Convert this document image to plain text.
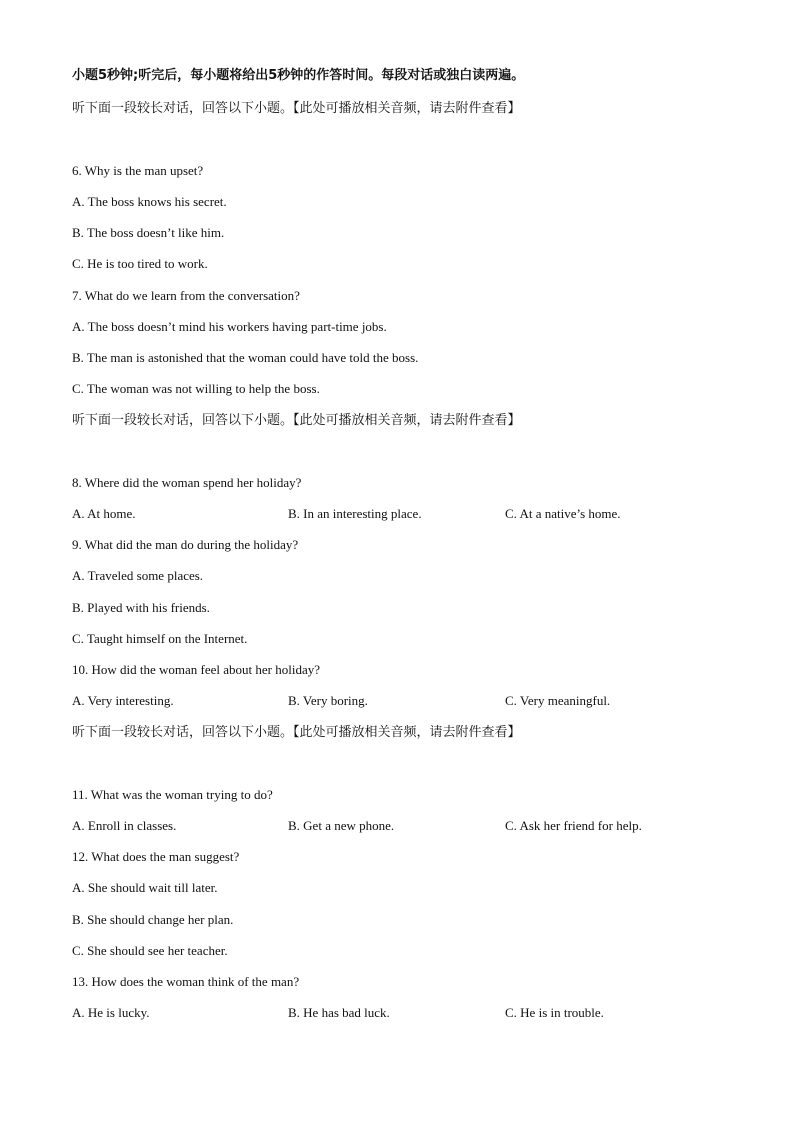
小题5秒钟;听完后，每小题将给出5秒钟的作答时间。每段对话或独白读两遍。
听下面一段较长对话，回答以下小题。【此处可播放相关音频，请去附件查看】
6. Why is the man upset?
A. The boss knows his secret.
B. The boss doesn’t like him.
C. He is too tired to work.
7. What do we learn from the conversation?
A. The boss doesn’t mind his workers having part-time jobs.
B. The man is astonished that the woman could have told the boss.
C. The woman was not willing to help the boss.
听下面一段较长对话，回答以下小题。【此处可播放相关音频，请去附件查看】
8. Where did the woman spend her holiday?
A. At home.	B. In an interesting place.	C. At a native’s home.
9. What did the man do during the holiday?
A. Traveled some places.
B. Played with his friends.
C. Taught himself on the Internet.
10. How did the woman feel about her holiday?
A. Very interesting.	B. Very boring.	C. Very meaningful.
听下面一段较长对话，回答以下小题。【此处可播放相关音频，请去附件查看】
11. What was the woman trying to do?
A. Enroll in classes.	B. Get a new phone.	C. Ask her friend for help.
12. What does the man suggest?
A. She should wait till later.
B. She should change her plan.
C. She should see her teacher.
13. How does the woman think of the man?
A. He is lucky.	B. He has bad luck.	C. He is in trouble.
